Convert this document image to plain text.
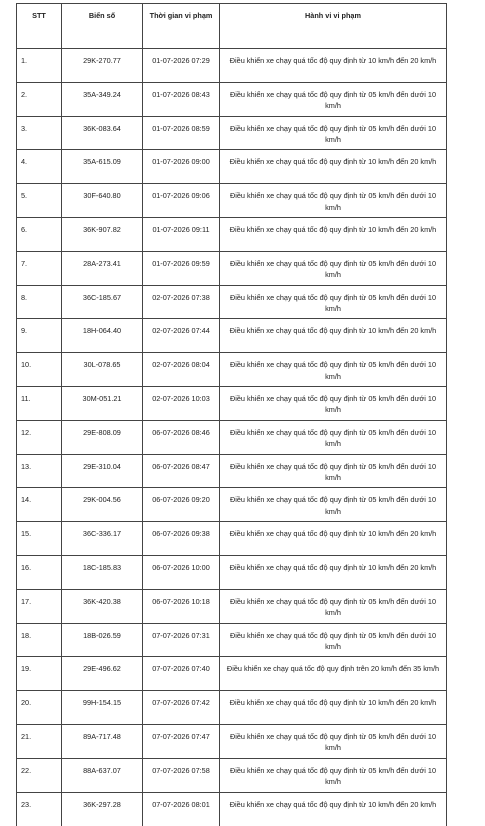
STT	Biển số	Thời gian vi phạm	Hành vi vi phạm
1.	29K-270.77	01-07-2026 07:29	Điều khiển xe chạy quá tốc độ quy định từ 10 km/h đến 20 km/h
2.	35A-349.24	01-07-2026 08:43	Điều khiển xe chạy quá tốc độ quy định từ 05 km/h đến dưới 10 km/h
3.	36K-083.64	01-07-2026 08:59	Điều khiển xe chạy quá tốc độ quy định từ 05 km/h đến dưới 10 km/h
4.	35A-615.09	01-07-2026 09:00	Điều khiển xe chạy quá tốc độ quy định từ 10 km/h đến 20 km/h
5.	30F-640.80	01-07-2026 09:06	Điều khiển xe chạy quá tốc độ quy định từ 05 km/h đến dưới 10 km/h
6.	36K-907.82	01-07-2026 09:11	Điều khiển xe chạy quá tốc độ quy định từ 10 km/h đến 20 km/h
7.	28A-273.41	01-07-2026 09:59	Điều khiển xe chạy quá tốc độ quy định từ 05 km/h đến dưới 10 km/h
8.	36C-185.67	02-07-2026 07:38	Điều khiển xe chạy quá tốc độ quy định từ 05 km/h đến dưới 10 km/h
9.	18H-064.40	02-07-2026 07:44	Điều khiển xe chạy quá tốc độ quy định từ 10 km/h đến 20 km/h
10.	30L-078.65	02-07-2026 08:04	Điều khiển xe chạy quá tốc độ quy định từ 05 km/h đến dưới 10 km/h
11.	30M-051.21	02-07-2026 10:03	Điều khiển xe chạy quá tốc độ quy định từ 05 km/h đến dưới 10 km/h
12.	29E-808.09	06-07-2026 08:46	Điều khiển xe chạy quá tốc độ quy định từ 05 km/h đến dưới 10 km/h
13.	29E-310.04	06-07-2026 08:47	Điều khiển xe chạy quá tốc độ quy định từ 05 km/h đến dưới 10 km/h
14.	29K-004.56	06-07-2026 09:20	Điều khiển xe chạy quá tốc độ quy định từ 05 km/h đến dưới 10 km/h
15.	36C-336.17	06-07-2026 09:38	Điều khiển xe chạy quá tốc độ quy định từ 10 km/h đến 20 km/h
16.	18C-185.83	06-07-2026 10:00	Điều khiển xe chạy quá tốc độ quy định từ 10 km/h đến 20 km/h
17.	36K-420.38	06-07-2026 10:18	Điều khiển xe chạy quá tốc độ quy định từ 05 km/h đến dưới 10 km/h
18.	18B-026.59	07-07-2026 07:31	Điều khiển xe chạy quá tốc độ quy định từ 05 km/h đến dưới 10 km/h
19.	29E-496.62	07-07-2026 07:40	Điều khiển xe chạy quá tốc độ quy định trên 20 km/h đến 35 km/h
20.	99H-154.15	07-07-2026 07:42	Điều khiển xe chạy quá tốc độ quy định từ 10 km/h đến 20 km/h
21.	89A-717.48	07-07-2026 07:47	Điều khiển xe chạy quá tốc độ quy định từ 05 km/h đến dưới 10 km/h
22.	88A-637.07	07-07-2026 07:58	Điều khiển xe chạy quá tốc độ quy định từ 05 km/h đến dưới 10 km/h
23.	36K-297.28	07-07-2026 08:01	Điều khiển xe chạy quá tốc độ quy định từ 10 km/h đến 20 km/h
